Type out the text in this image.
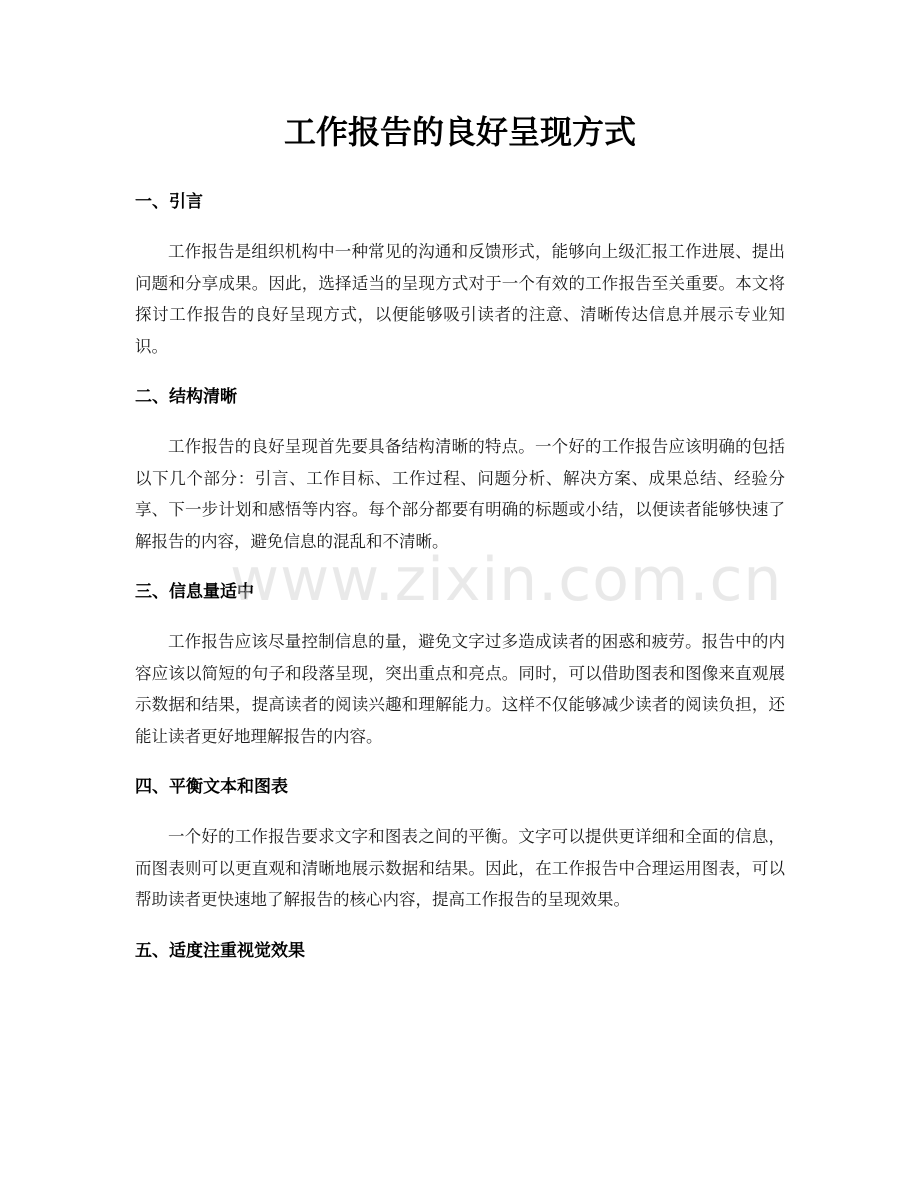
工作报告的良好呈现方式
一、引言

工作报告是组织机构中一种常见的沟通和反馈形式，能够向上级汇报工作进展、提出问题和分享成果。因此，选择适当的呈现方式对于一个有效的工作报告至关重要。本文将探讨工作报告的良好呈现方式，以便能够吸引读者的注意、清晰传达信息并展示专业知识。

二、结构清晰

工作报告的良好呈现首先要具备结构清晰的特点。一个好的工作报告应该明确的包括以下几个部分：引言、工作目标、工作过程、问题分析、解决方案、成果总结、经验分享、下一步计划和感悟等内容。每个部分都要有明确的标题或小结，以便读者能够快速了解报告的内容，避免信息的混乱和不清晰。

三、信息量适中

工作报告应该尽量控制信息的量，避免文字过多造成读者的困惑和疲劳。报告中的内容应该以简短的句子和段落呈现，突出重点和亮点。同时，可以借助图表和图像来直观展示数据和结果，提高读者的阅读兴趣和理解能力。这样不仅能够减少读者的阅读负担，还能让读者更好地理解报告的内容。

四、平衡文本和图表

一个好的工作报告要求文字和图表之间的平衡。文字可以提供更详细和全面的信息，而图表则可以更直观和清晰地展示数据和结果。因此，在工作报告中合理运用图表，可以帮助读者更快速地了解报告的核心内容，提高工作报告的呈现效果。

五、适度注重视觉效果
www.zixin.com.cn
